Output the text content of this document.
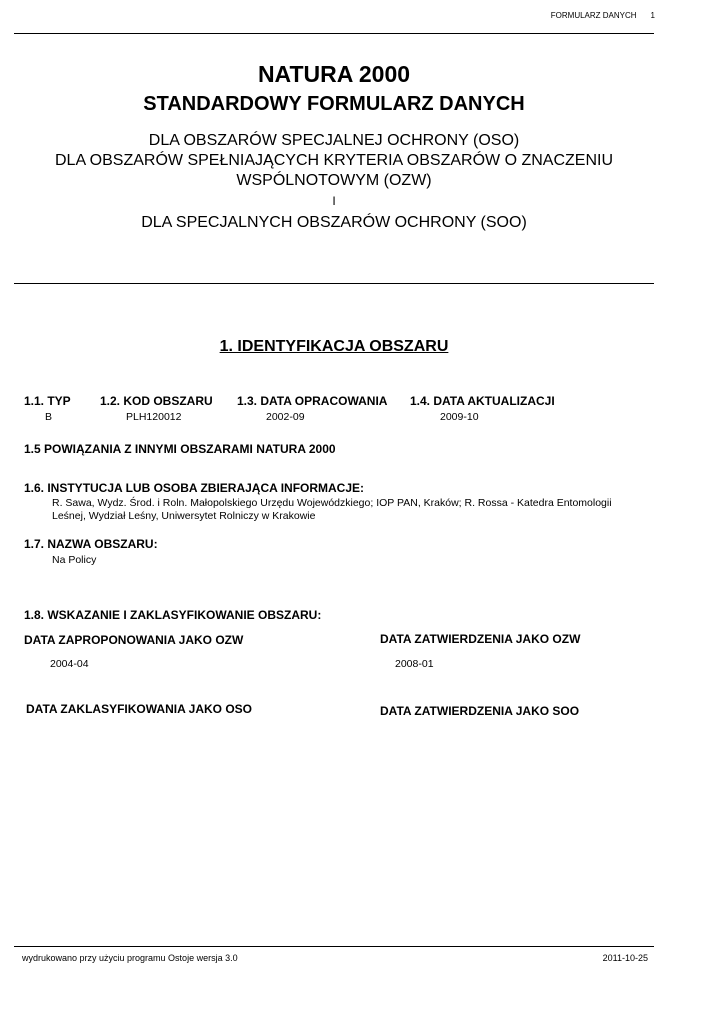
FORMULARZ DANYCH 1
NATURA 2000
STANDARDOWY FORMULARZ DANYCH
DLA OBSZARÓW SPECJALNEJ OCHRONY (OSO)
DLA OBSZARÓW SPEŁNIAJĄCYCH KRYTERIA OBSZARÓW O ZNACZENIU
WSPÓLNOTOWYM (OZW)
I
DLA SPECJALNYCH OBSZARÓW OCHRONY (SOO)
1. IDENTYFIKACJA OBSZARU
1.1. TYP
B
1.2. KOD OBSZARU
PLH120012
1.3. DATA OPRACOWANIA
2002-09
1.4. DATA AKTUALIZACJI
2009-10
1.5 POWIĄZANIA Z INNYMI OBSZARAMI NATURA 2000
1.6. INSTYTUCJA LUB OSOBA ZBIERAJĄCA INFORMACJE:
R. Sawa, Wydz. Środ. i Roln. Małopolskiego Urzędu Wojewódzkiego; IOP PAN, Kraków; R. Rossa - Katedra Entomologii
Leśnej, Wydział Leśny, Uniwersytet Rolniczy w Krakowie
1.7. NAZWA OBSZARU:
Na Policy
1.8. WSKAZANIE I ZAKLASYFIKOWANIE OBSZARU:
DATA ZAPROPONOWANIA JAKO OZW
2004-04
DATA ZATWIERDZENIA JAKO OZW
2008-01
DATA ZAKLASYFIKOWANIA JAKO OSO	DATA ZATWIERDZENIA JAKO SOO
wydrukowano przy użyciu programu Ostoje wersja 3.0	2011-10-25
